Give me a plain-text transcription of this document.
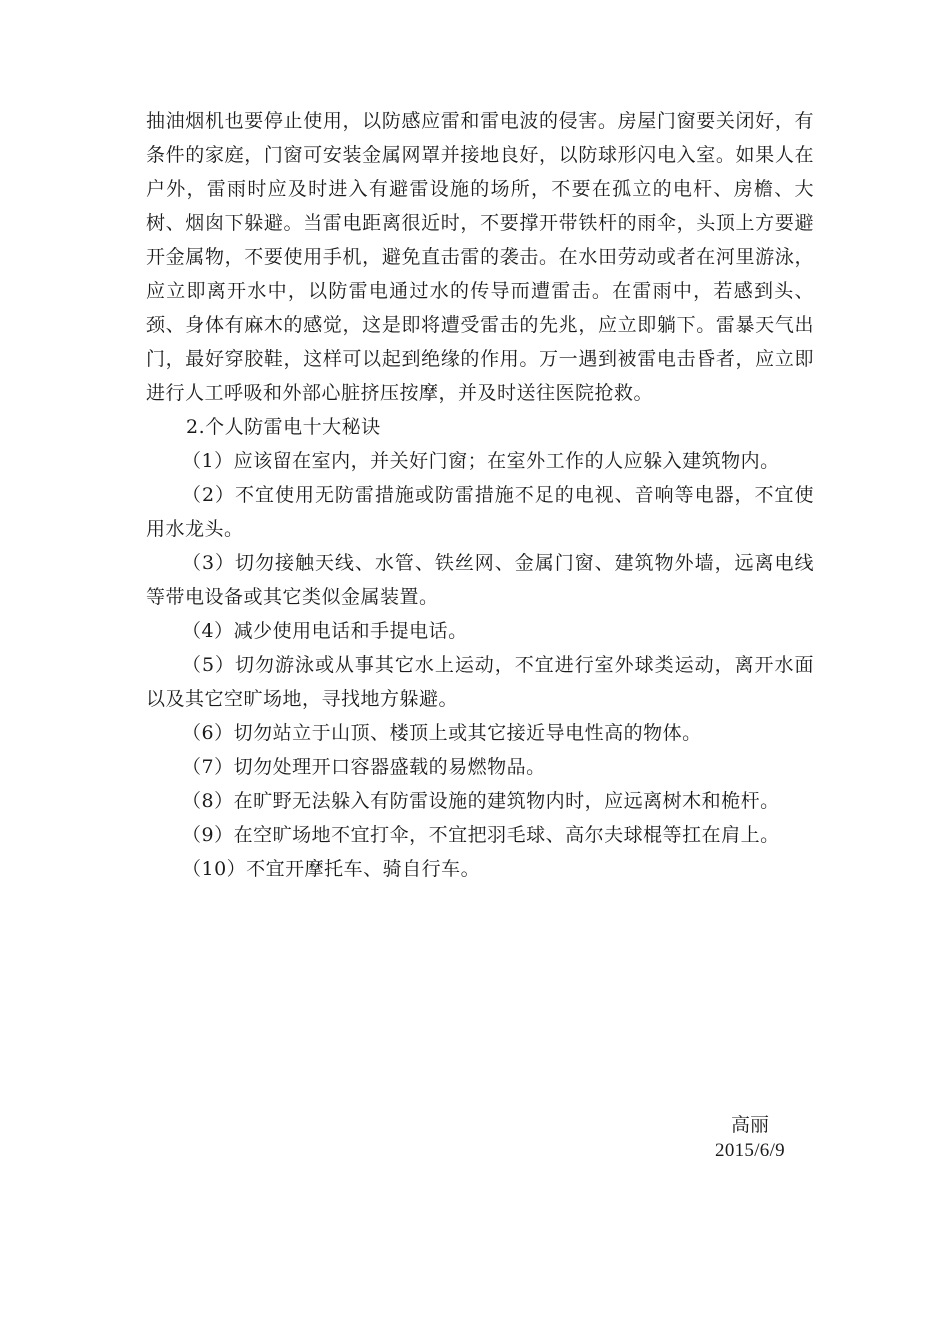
抽油烟机也要停止使用，以防感应雷和雷电波的侵害。房屋门窗要关闭好，有条件的家庭，门窗可安装金属网罩并接地良好，以防球形闪电入室。如果人在户外，雷雨时应及时进入有避雷设施的场所，不要在孤立的电杆、房檐、大树、烟囱下躲避。当雷电距离很近时，不要撑开带铁杆的雨伞，头顶上方要避开金属物，不要使用手机，避免直击雷的袭击。在水田劳动或者在河里游泳，应立即离开水中，以防雷电通过水的传导而遭雷击。在雷雨中，若感到头、颈、身体有麻木的感觉，这是即将遭受雷击的先兆，应立即躺下。雷暴天气出门，最好穿胶鞋，这样可以起到绝缘的作用。万一遇到被雷电击昏者，应立即进行人工呼吸和外部心脏挤压按摩，并及时送往医院抢救。

2.个人防雷电十大秘诀

（1）应该留在室内，并关好门窗；在室外工作的人应躲入建筑物内。

（2）不宜使用无防雷措施或防雷措施不足的电视、音响等电器，不宜使用水龙头。

（3）切勿接触天线、水管、铁丝网、金属门窗、建筑物外墙，远离电线等带电设备或其它类似金属装置。

（4）减少使用电话和手提电话。

（5）切勿游泳或从事其它水上运动，不宜进行室外球类运动，离开水面以及其它空旷场地，寻找地方躲避。

（6）切勿站立于山顶、楼顶上或其它接近导电性高的物体。

（7）切勿处理开口容器盛载的易燃物品。

（8）在旷野无法躲入有防雷设施的建筑物内时，应远离树木和桅杆。

（9）在空旷场地不宜打伞，不宜把羽毛球、高尔夫球棍等扛在肩上。

（10）不宜开摩托车、骑自行车。

高丽
2015/6/9
